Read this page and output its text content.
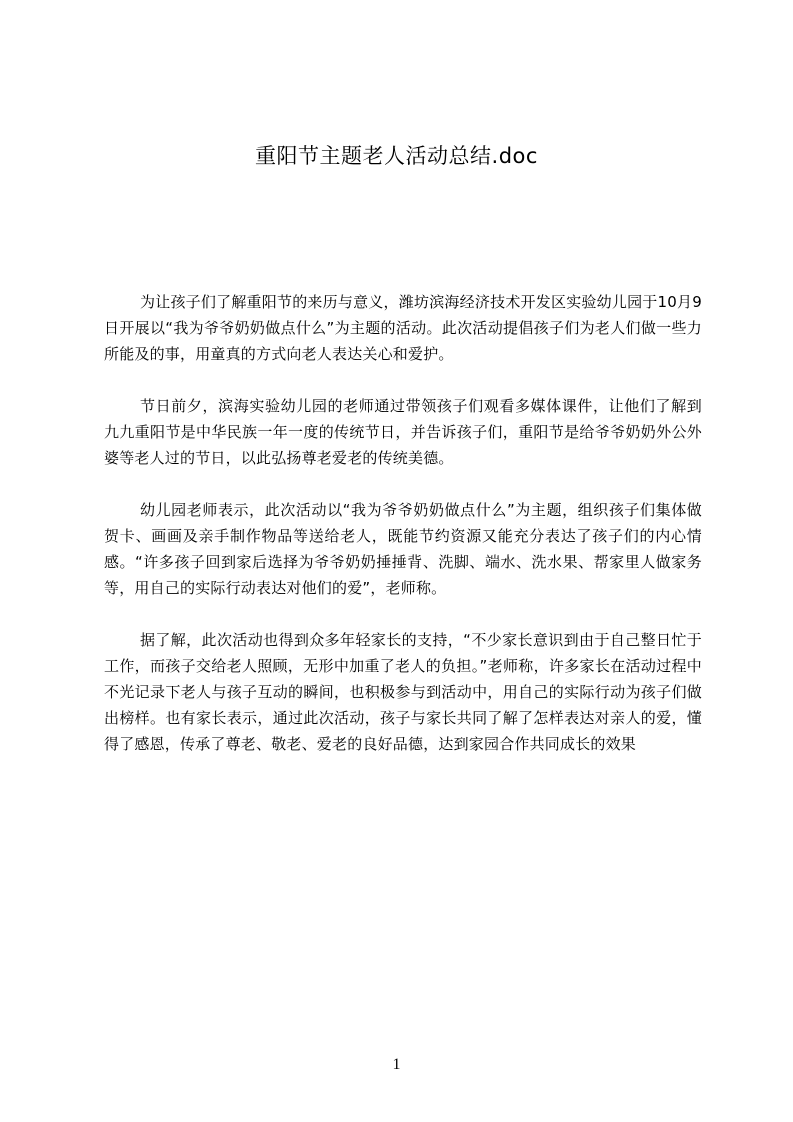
重阳节主题老人活动总结.doc

为让孩子们了解重阳节的来历与意义，潍坊滨海经济技术开发区实验幼儿园于10月9日开展以“我为爷爷奶奶做点什么”为主题的活动。此次活动提倡孩子们为老人们做一些力所能及的事，用童真的方式向老人表达关心和爱护。

节日前夕，滨海实验幼儿园的老师通过带领孩子们观看多媒体课件，让他们了解到九九重阳节是中华民族一年一度的传统节日，并告诉孩子们，重阳节是给爷爷奶奶外公外婆等老人过的节日，以此弘扬尊老爱老的传统美德。

幼儿园老师表示，此次活动以“我为爷爷奶奶做点什么”为主题，组织孩子们集体做贺卡、画画及亲手制作物品等送给老人，既能节约资源又能充分表达了孩子们的内心情感。“许多孩子回到家后选择为爷爷奶奶捶捶背、洗脚、端水、洗水果、帮家里人做家务等，用自己的实际行动表达对他们的爱”，老师称。

据了解，此次活动也得到众多年轻家长的支持，“不少家长意识到由于自己整日忙于工作，而孩子交给老人照顾，无形中加重了老人的负担。”老师称，许多家长在活动过程中不光记录下老人与孩子互动的瞬间，也积极参与到活动中，用自己的实际行动为孩子们做出榜样。也有家长表示，通过此次活动，孩子与家长共同了解了怎样表达对亲人的爱，懂得了感恩，传承了尊老、敬老、爱老的良好品德，达到家园合作共同成长的效果

1
